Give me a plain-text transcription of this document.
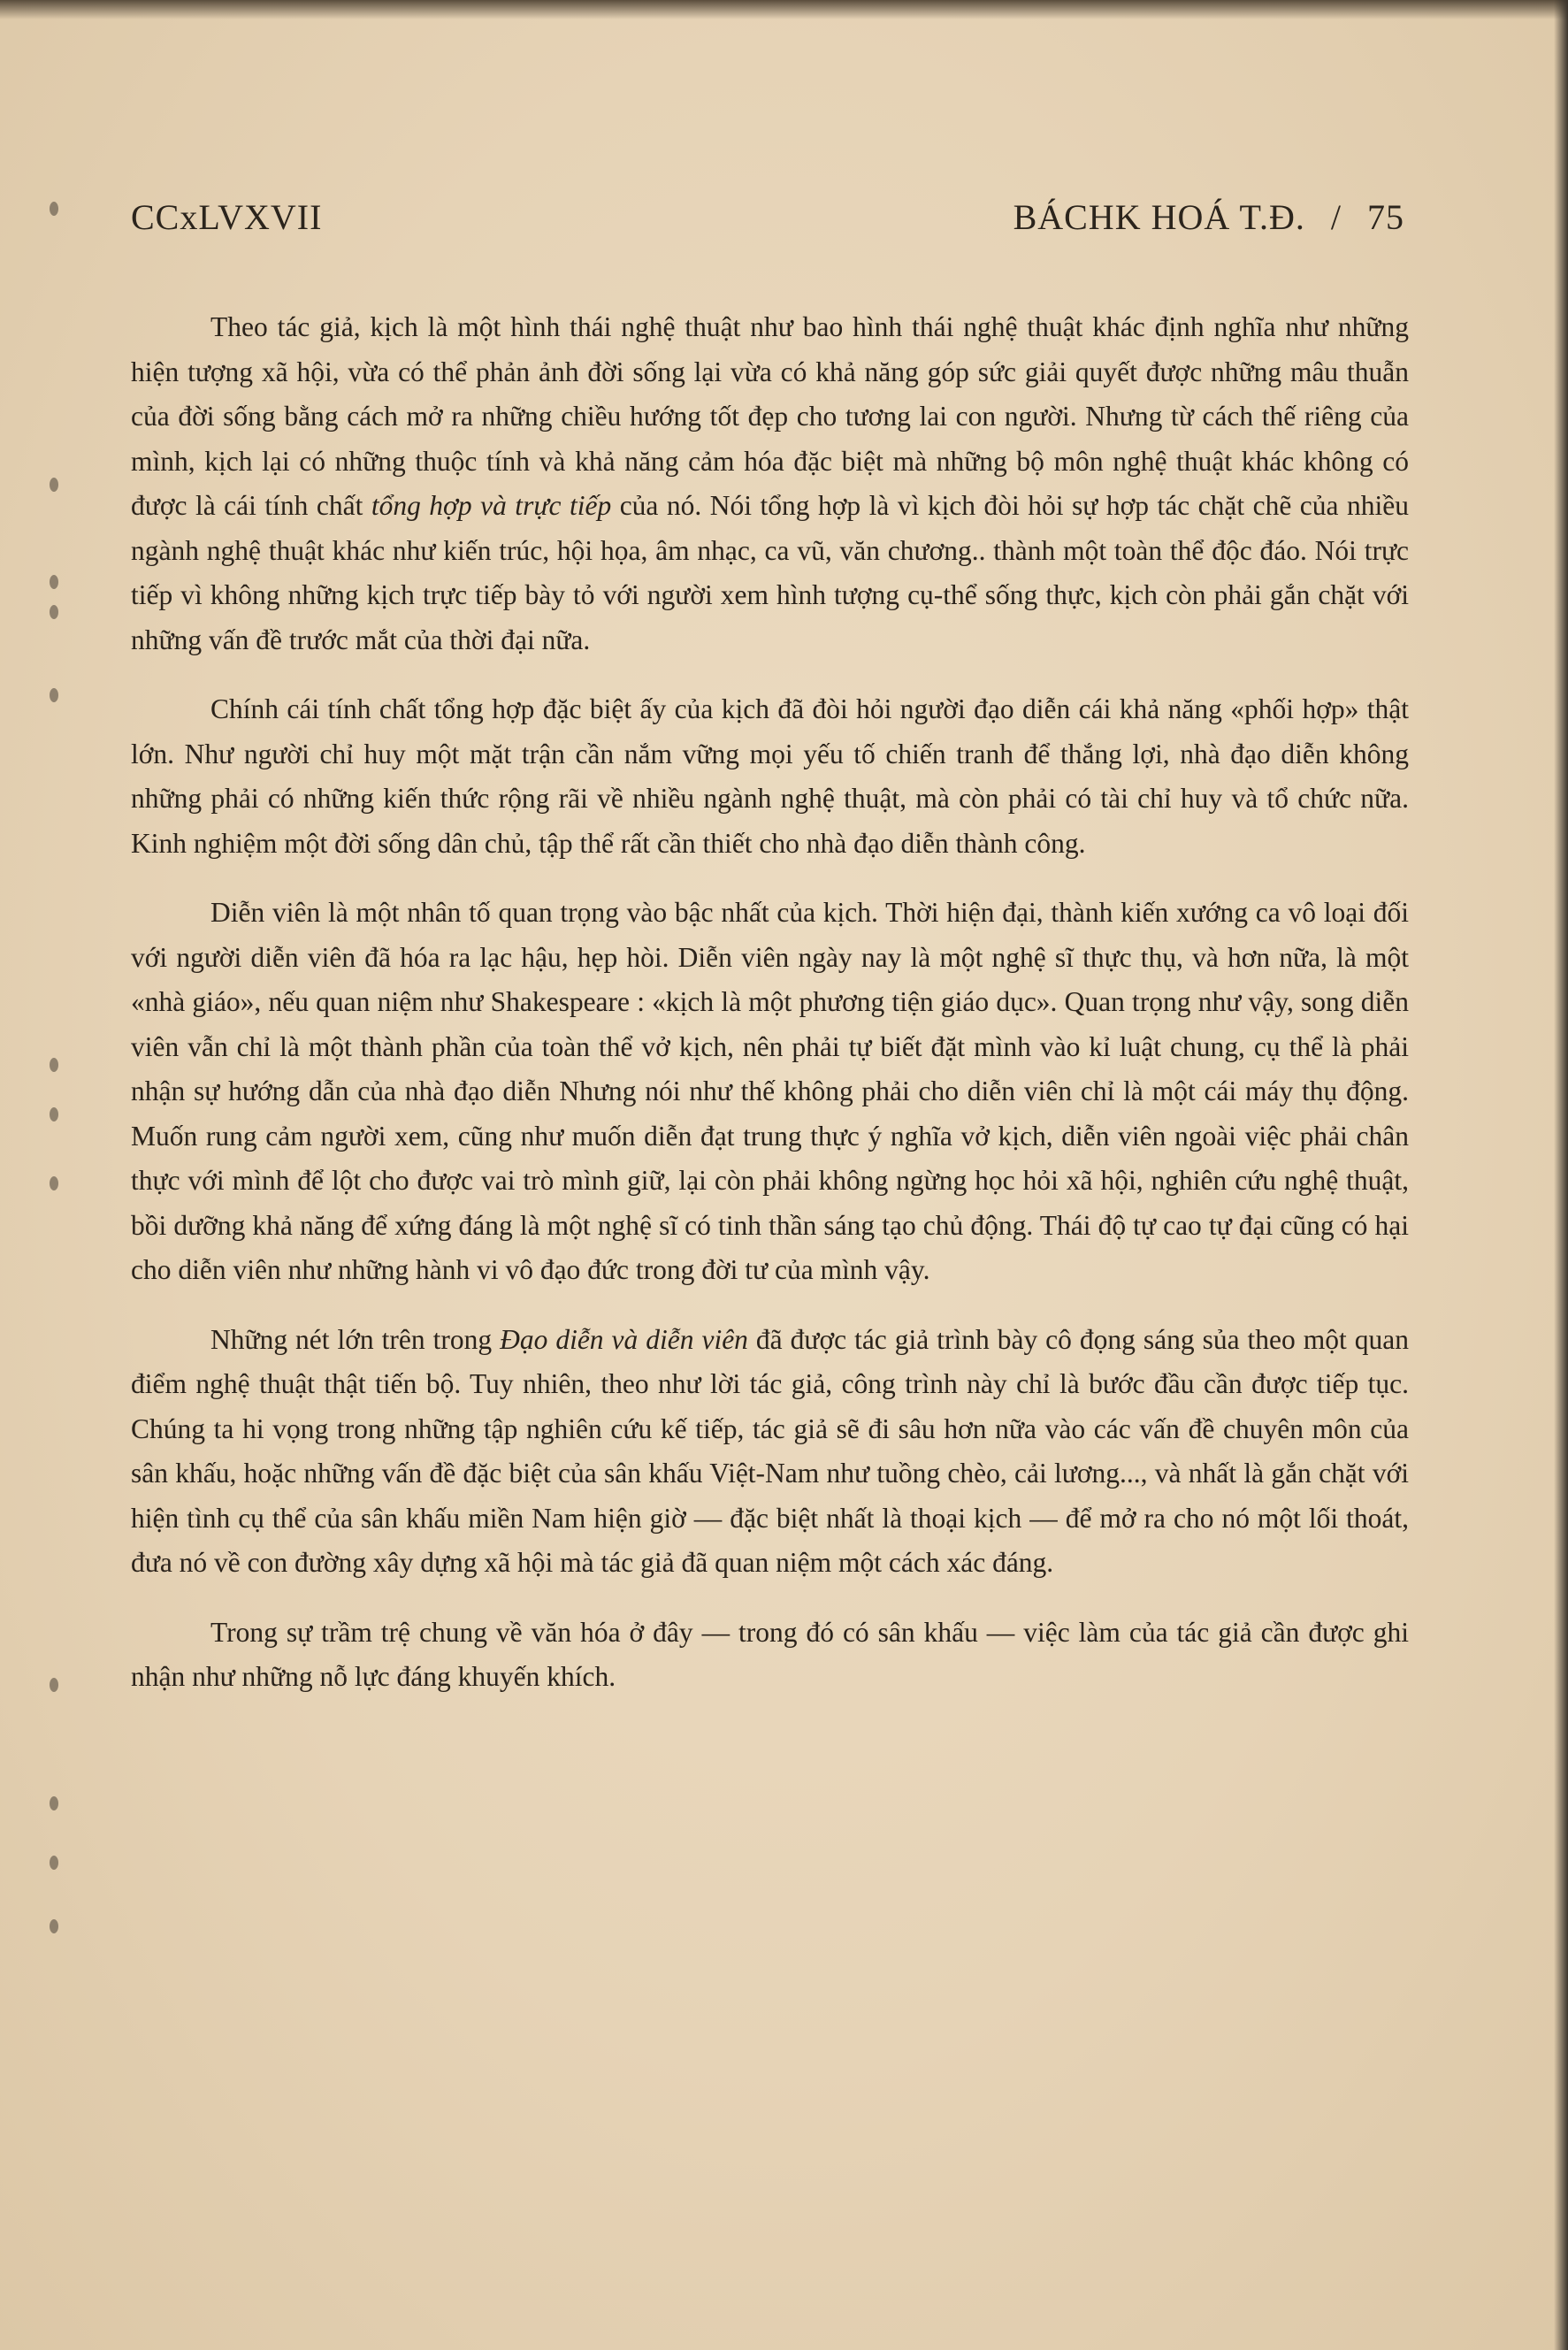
CCxLVXVII	BÁCHK HOÁ T.Đ. / 75

Theo tác giả, kịch là một hình thái nghệ thuật như bao hình thái nghệ thuật khác định nghĩa như những hiện tượng xã hội, vừa có thể phản ảnh đời sống lại vừa có khả năng góp sức giải quyết được những mâu thuẫn của đời sống bằng cách mở ra những chiều hướng tốt đẹp cho tương lai con người. Nhưng từ cách thế riêng của mình, kịch lại có những thuộc tính và khả năng cảm hóa đặc biệt mà những bộ môn nghệ thuật khác không có được là cái tính chất tổng hợp và trực tiếp của nó. Nói tổng hợp là vì kịch đòi hỏi sự hợp tác chặt chẽ của nhiều ngành nghệ thuật khác như kiến trúc, hội họa, âm nhạc, ca vũ, văn chương.. thành một toàn thể độc đáo. Nói trực tiếp vì không những kịch trực tiếp bày tỏ với người xem hình tượng cụ-thể sống thực, kịch còn phải gắn chặt với những vấn đề trước mắt của thời đại nữa.

Chính cái tính chất tổng hợp đặc biệt ấy của kịch đã đòi hỏi người đạo diễn cái khả năng «phối hợp» thật lớn. Như người chỉ huy một mặt trận cần nắm vững mọi yếu tố chiến tranh để thắng lợi, nhà đạo diễn không những phải có những kiến thức rộng rãi về nhiều ngành nghệ thuật, mà còn phải có tài chỉ huy và tổ chức nữa. Kinh nghiệm một đời sống dân chủ, tập thể rất cần thiết cho nhà đạo diễn thành công.

Diễn viên là một nhân tố quan trọng vào bậc nhất của kịch. Thời hiện đại, thành kiến xướng ca vô loại đối với người diễn viên đã hóa ra lạc hậu, hẹp hòi. Diễn viên ngày nay là một nghệ sĩ thực thụ, và hơn nữa, là một «nhà giáo», nếu quan niệm như Shakespeare : «kịch là một phương tiện giáo dục». Quan trọng như vậy, song diễn viên vẫn chỉ là một thành phần của toàn thể vở kịch, nên phải tự biết đặt mình vào kỉ luật chung, cụ thể là phải nhận sự hướng dẫn của nhà đạo diễn Nhưng nói như thế không phải cho diễn viên chỉ là một cái máy thụ động. Muốn rung cảm người xem, cũng như muốn diễn đạt trung thực ý nghĩa vở kịch, diễn viên ngoài việc phải chân thực với mình để lột cho được vai trò mình giữ, lại còn phải không ngừng học hỏi xã hội, nghiên cứu nghệ thuật, bồi dưỡng khả năng để xứng đáng là một nghệ sĩ có tinh thần sáng tạo chủ động. Thái độ tự cao tự đại cũng có hại cho diễn viên như những hành vi vô đạo đức trong đời tư của mình vậy.

Những nét lớn trên trong Đạo diễn và diễn viên đã được tác giả trình bày cô đọng sáng sủa theo một quan điểm nghệ thuật thật tiến bộ. Tuy nhiên, theo như lời tác giả, công trình này chỉ là bước đầu cần được tiếp tục. Chúng ta hi vọng trong những tập nghiên cứu kế tiếp, tác giả sẽ đi sâu hơn nữa vào các vấn đề chuyên môn của sân khấu, hoặc những vấn đề đặc biệt của sân khấu Việt-Nam như tuồng chèo, cải lương..., và nhất là gắn chặt với hiện tình cụ thể của sân khấu miền Nam hiện giờ — đặc biệt nhất là thoại kịch — để mở ra cho nó một lối thoát, đưa nó về con đường xây dựng xã hội mà tác giả đã quan niệm một cách xác đáng.

Trong sự trầm trệ chung về văn hóa ở đây — trong đó có sân khấu — việc làm của tác giả cần được ghi nhận như những nỗ lực đáng khuyến khích.
